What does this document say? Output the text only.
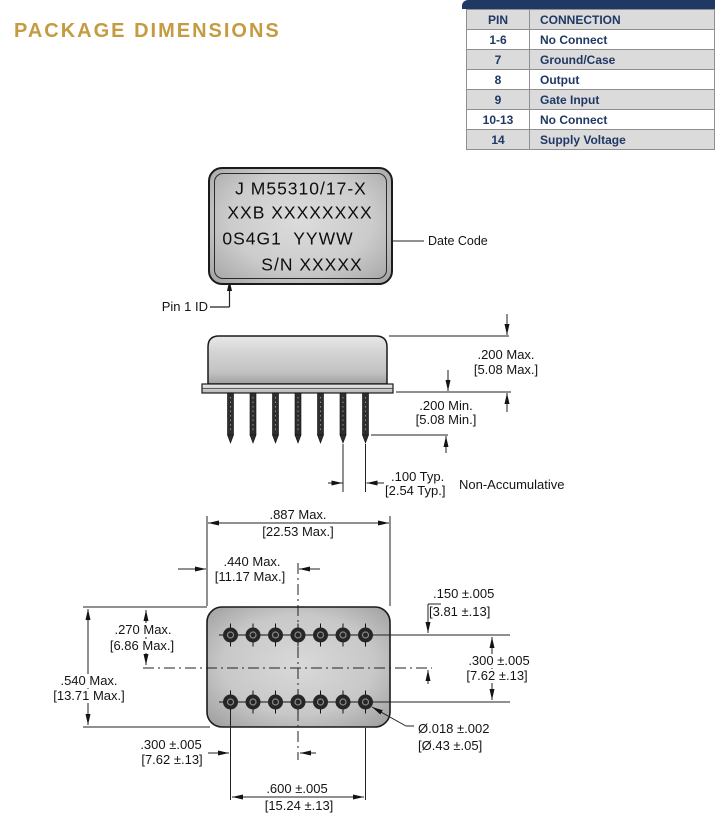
PACKAGE DIMENSIONS
PIN	CONNECTION
1-6	No Connect
7	Ground/Case
8	Output
9	Gate Input
10-13	No Connect
14	Supply Voltage
J M55310/17-X
XXB XXXXXXXX
0S4G1  YYWW
S/N XXXXX
Date Code
Pin 1 ID
.200 Max.
[5.08 Max.]
.200 Min.
[5.08 Min.]
.100 Typ.
[2.54 Typ.] Non-Accumulative
.887 Max.
[22.53 Max.]
.440 Max.
[11.17 Max.]
.150 ±.005
[3.81 ±.13]
.300 ±.005
[7.62 ±.13]
.270 Max.
[6.86 Max.]
.540 Max.
[13.71 Max.]
.300 ±.005
[7.62 ±.13]
.600 ±.005
[15.24 ±.13]
Ø.018 ±.002
[Ø.43 ±.05]
